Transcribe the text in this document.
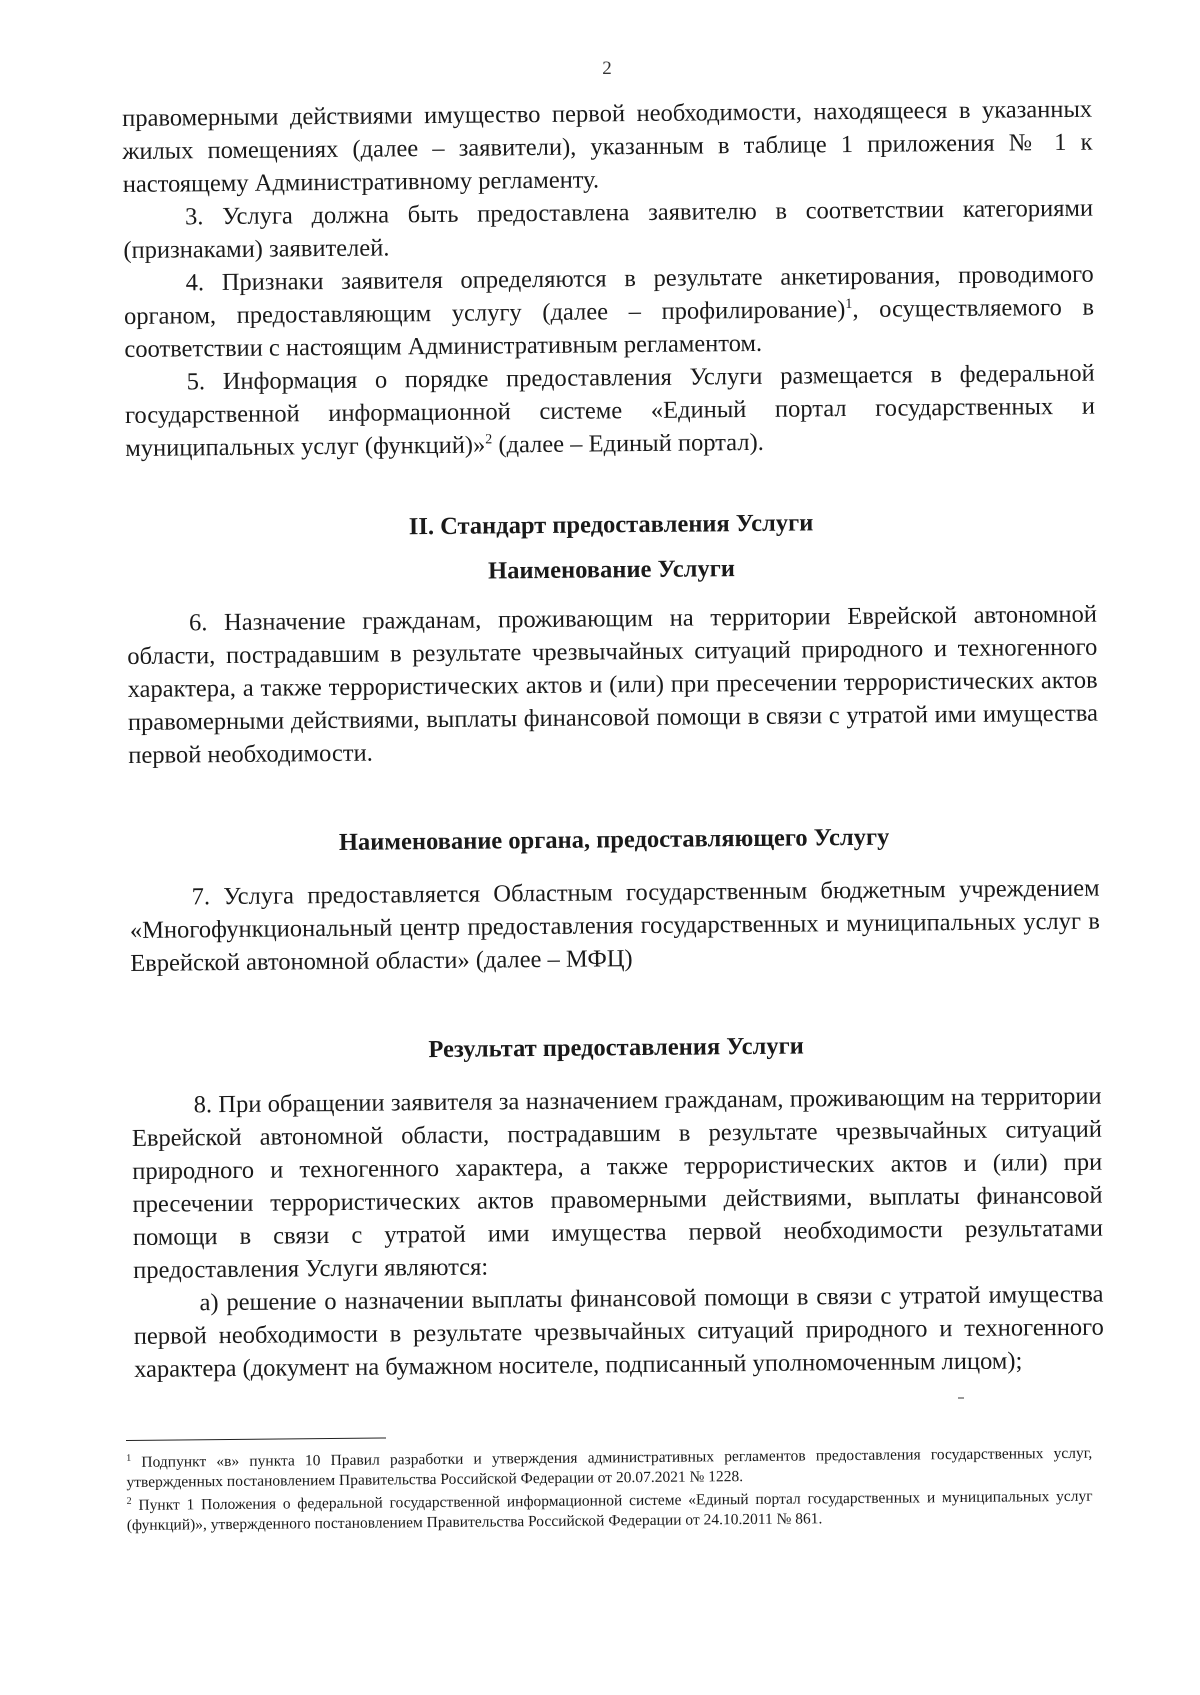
2

правомерными действиями имущество первой необходимости, находящееся в указанных жилых помещениях (далее – заявители), указанным в таблице 1 приложения № 1 к настоящему Административному регламенту.

3. Услуга должна быть предоставлена заявителю в соответствии категориями (признаками) заявителей.

4. Признаки заявителя определяются в результате анкетирования, проводимого органом, предоставляющим услугу (далее – профилирование)$^1$, осуществляемого в соответствии с настоящим Административным регламентом.

5. Информация о порядке предоставления Услуги размещается в федеральной государственной информационной системе «Единый портал государственных и муниципальных услуг (функций)»$^2$ (далее – Единый портал).

II. Стандарт предоставления Услуги
Наименование Услуги

6. Назначение гражданам, проживающим на территории Еврейской автономной области, пострадавшим в результате чрезвычайных ситуаций природного и техногенного характера, а также террористических актов и (или) при пресечении террористических актов правомерными действиями, выплаты финансовой помощи в связи с утратой ими имущества первой необходимости.

Наименование органа, предоставляющего Услугу

7. Услуга предоставляется Областным государственным бюджетным учреждением «Многофункциональный центр предоставления государственных и муниципальных услуг в Еврейской автономной области» (далее – МФЦ)

Результат предоставления Услуги

8. При обращении заявителя за назначением гражданам, проживающим на территории Еврейской автономной области, пострадавшим в результате чрезвычайных ситуаций природного и техногенного характера, а также террористических актов и (или) при пресечении террористических актов правомерными действиями, выплаты финансовой помощи в связи с утратой ими имущества первой необходимости результатами предоставления Услуги являются:

а) решение о назначении выплаты финансовой помощи в связи с утратой имущества первой необходимости в результате чрезвычайных ситуаций природного и техногенного характера (документ на бумажном носителе, подписанный уполномоченным лицом);

$^1$ Подпункт «в» пункта 10 Правил разработки и утверждения административных регламентов предоставления государственных услуг, утвержденных постановлением Правительства Российской Федерации от 20.07.2021 № 1228.

$^2$ Пункт 1 Положения о федеральной государственной информационной системе «Единый портал государственных и муниципальных услуг (функций)», утвержденного постановлением Правительства Российской Федерации от 24.10.2011 № 861.
